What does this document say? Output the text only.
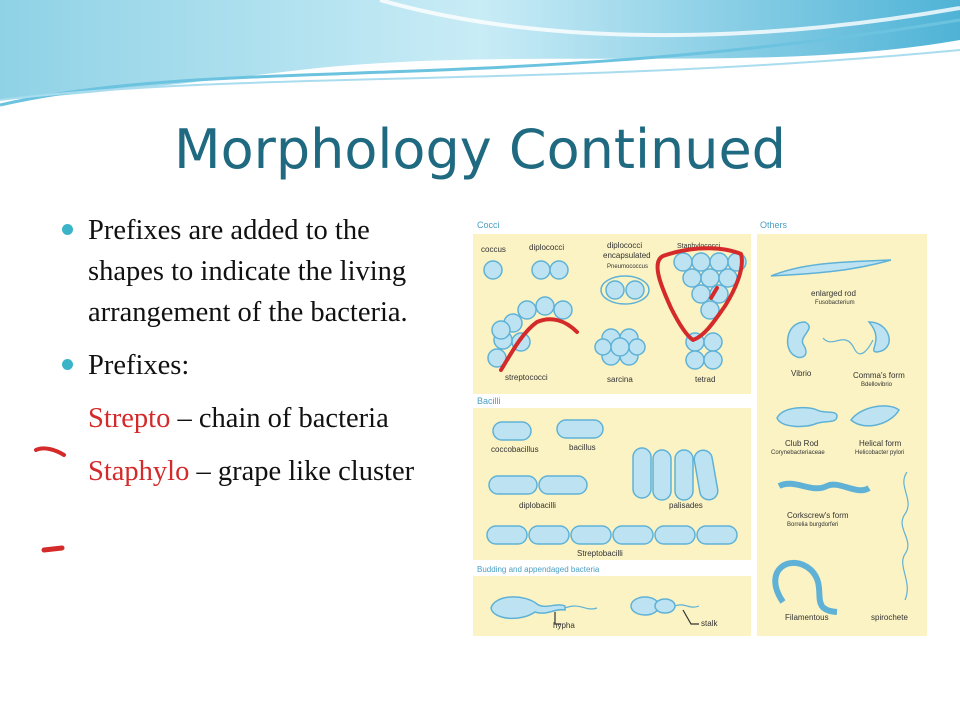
Morphology Continued
Prefixes are added to the shapes to indicate the living arrangement of the bacteria.
Prefixes:
Strepto – chain of bacteria
Staphylo – grape like cluster
Cocci	Others
Bacilli
Budding and appendaged bacteria
coccus	diplococci	diplococci
encapsulated
Pneumococcus
Staphylococci
streptococci	sarcina	tetrad
coccobacillus	bacillus
diplobacilli	palisades
Streptobacilli
hypha	stalk
enlarged rod
Fusobacterium
Vibrio	Comma's form
Bdellovibrio
Club Rod
Corynebacteriaceae
Helical form
Helicobacter pylori
Corkscrew's form
Borrelia burgdorferi
Filamentous	spirochete
